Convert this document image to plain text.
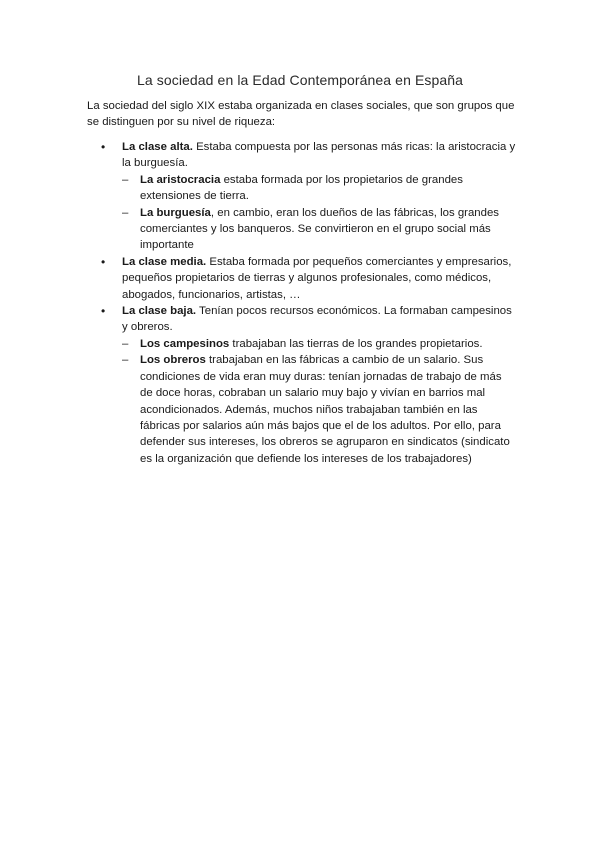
La sociedad en la Edad Contemporánea en España
La sociedad del siglo XIX estaba organizada en clases sociales, que son grupos que se distinguen por su nivel de riqueza:
• La clase alta. Estaba compuesta por las personas más ricas: la aristocracia y la burguesía.
– La aristocracia estaba formada por los propietarios de grandes extensiones de tierra.
– La burguesía, en cambio, eran los dueños de las fábricas, los grandes comerciantes y los banqueros. Se convirtieron en el grupo social más importante
• La clase media. Estaba formada por pequeños comerciantes y empresarios, pequeños propietarios de tierras y algunos profesionales, como médicos, abogados, funcionarios, artistas, …
• La clase baja. Tenían pocos recursos económicos. La formaban campesinos y obreros.
– Los campesinos trabajaban las tierras de los grandes propietarios.
– Los obreros trabajaban en las fábricas a cambio de un salario. Sus condiciones de vida eran muy duras: tenían jornadas de trabajo de más de doce horas, cobraban un salario muy bajo y vivían en barrios mal acondicionados. Además, muchos niños trabajaban también en las fábricas por salarios aún más bajos que el de los adultos. Por ello, para defender sus intereses, los obreros se agruparon en sindicatos (sindicato es la organización que defiende los intereses de los trabajadores)
